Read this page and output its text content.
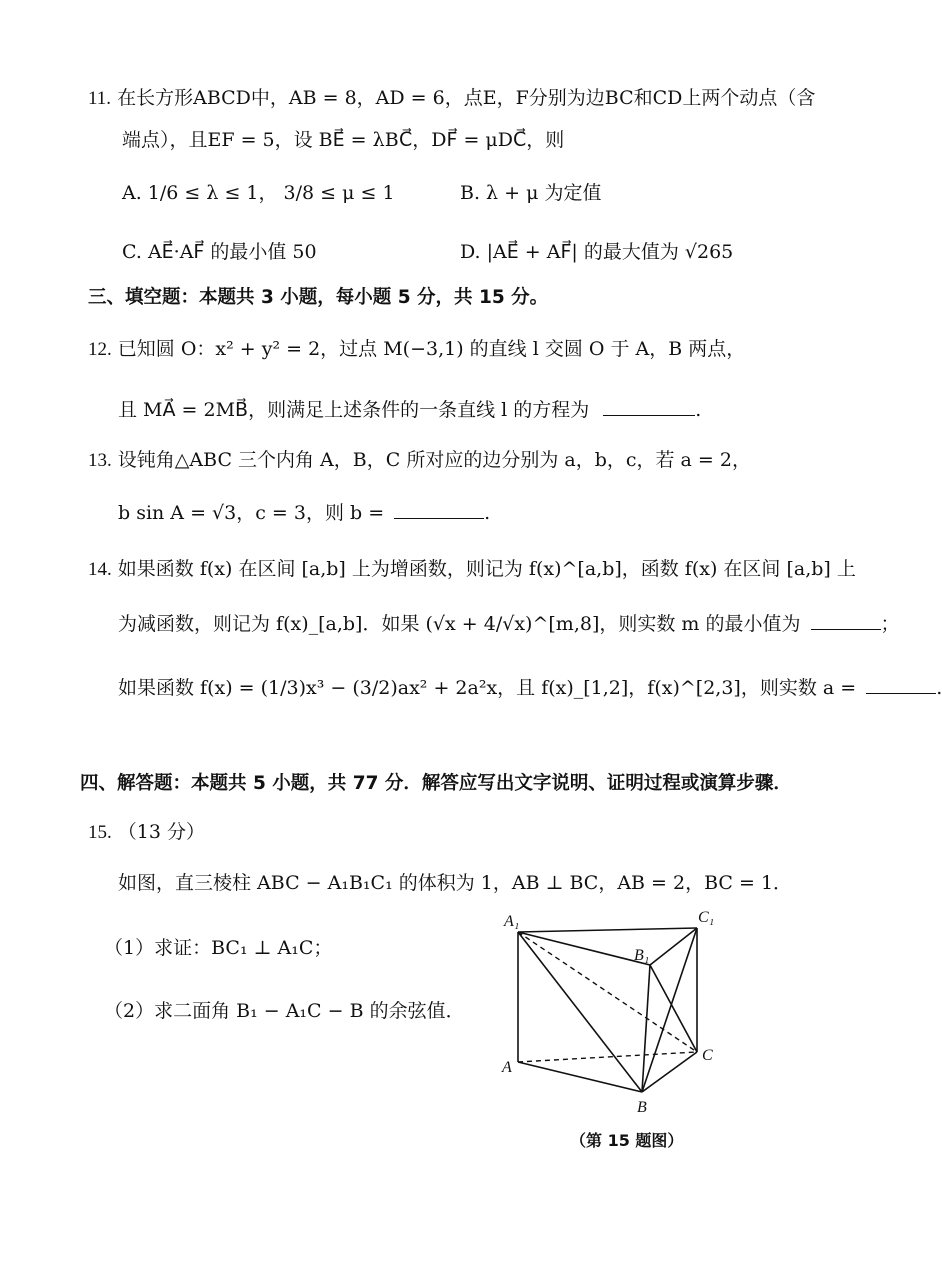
11. 在长方形ABCD中，AB = 8，AD = 6，点E，F分别为边BC和CD上两个动点（含
端点），且EF = 5，设 BE⃗ = λBC⃗，DF⃗ = μDC⃗，则
A. 1/6 ≤ λ ≤ 1， 3/8 ≤ μ ≤ 1	B. λ + μ 为定值
C. AE⃗·AF⃗ 的最小值 50	D. |AE⃗ + AF⃗| 的最大值为 √265
三、填空题：本题共 3 小题，每小题 5 分，共 15 分。
12. 已知圆 O：x² + y² = 2，过点 M(−3,1) 的直线 l 交圆 O 于 A，B 两点，
且 MA⃗ = 2MB⃗，则满足上述条件的一条直线 l 的方程为	.
13. 设钝角△ABC 三个内角 A，B，C 所对应的边分别为 a，b，c，若 a = 2，
b sin A = √3，c = 3，则 b =	.
14. 如果函数 f(x) 在区间 [a,b] 上为增函数，则记为 f(x)^[a,b]，函数 f(x) 在区间 [a,b] 上
为减函数，则记为 f(x)_[a,b]．如果 (√x + 4/√x)^[m,8]，则实数 m 的最小值为	；
如果函数 f(x) = (1/3)x³ − (3/2)ax² + 2a²x，且 f(x)_[1,2]，f(x)^[2,3]，则实数 a =	.
四、解答题：本题共 5 小题，共 77 分．解答应写出文字说明、证明过程或演算步骤．
15. （13 分）
如图，直三棱柱 ABC − A₁B₁C₁ 的体积为 1，AB ⊥ BC，AB = 2，BC = 1．
（1）求证：BC₁ ⊥ A₁C；
（2）求二面角 B₁ − A₁C − B 的余弦值．
A₁	C₁
B₁
A
B
C
（第 15 题图）
